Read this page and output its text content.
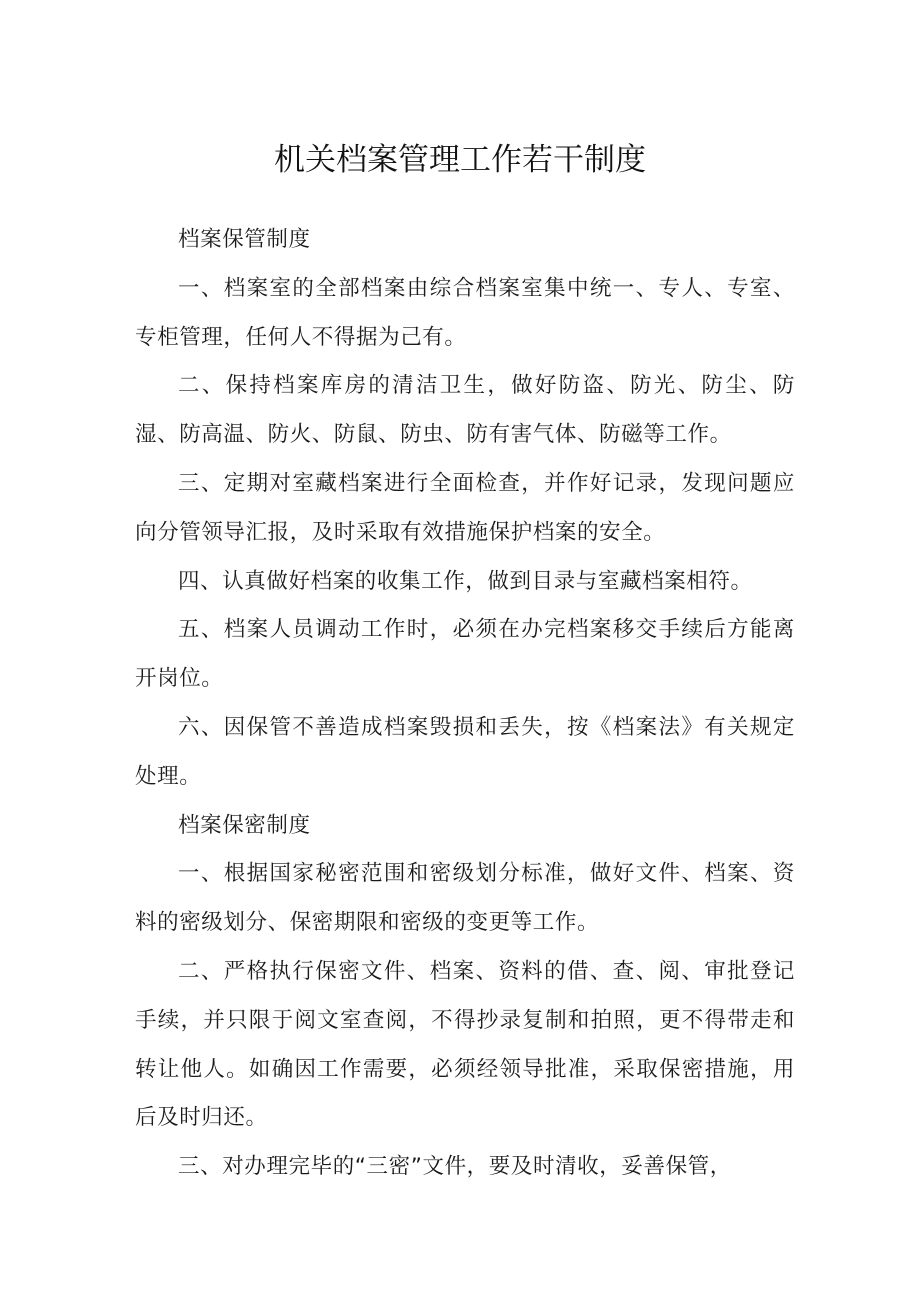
机关档案管理工作若干制度

档案保管制度

一、档案室的全部档案由综合档案室集中统一、专人、专室、专柜管理，任何人不得据为己有。

二、保持档案库房的清洁卫生，做好防盗、防光、防尘、防湿、防高温、防火、防鼠、防虫、防有害气体、防磁等工作。

三、定期对室藏档案进行全面检查，并作好记录，发现问题应向分管领导汇报，及时采取有效措施保护档案的安全。

四、认真做好档案的收集工作，做到目录与室藏档案相符。

五、档案人员调动工作时，必须在办完档案移交手续后方能离开岗位。

六、因保管不善造成档案毁损和丢失，按《档案法》有关规定处理。

档案保密制度

一、根据国家秘密范围和密级划分标准，做好文件、档案、资料的密级划分、保密期限和密级的变更等工作。

二、严格执行保密文件、档案、资料的借、查、阅、审批登记手续，并只限于阅文室查阅，不得抄录复制和拍照，更不得带走和转让他人。如确因工作需要，必须经领导批准，采取保密措施，用后及时归还。

三、对办理完毕的“三密”文件，要及时清收，妥善保管，
